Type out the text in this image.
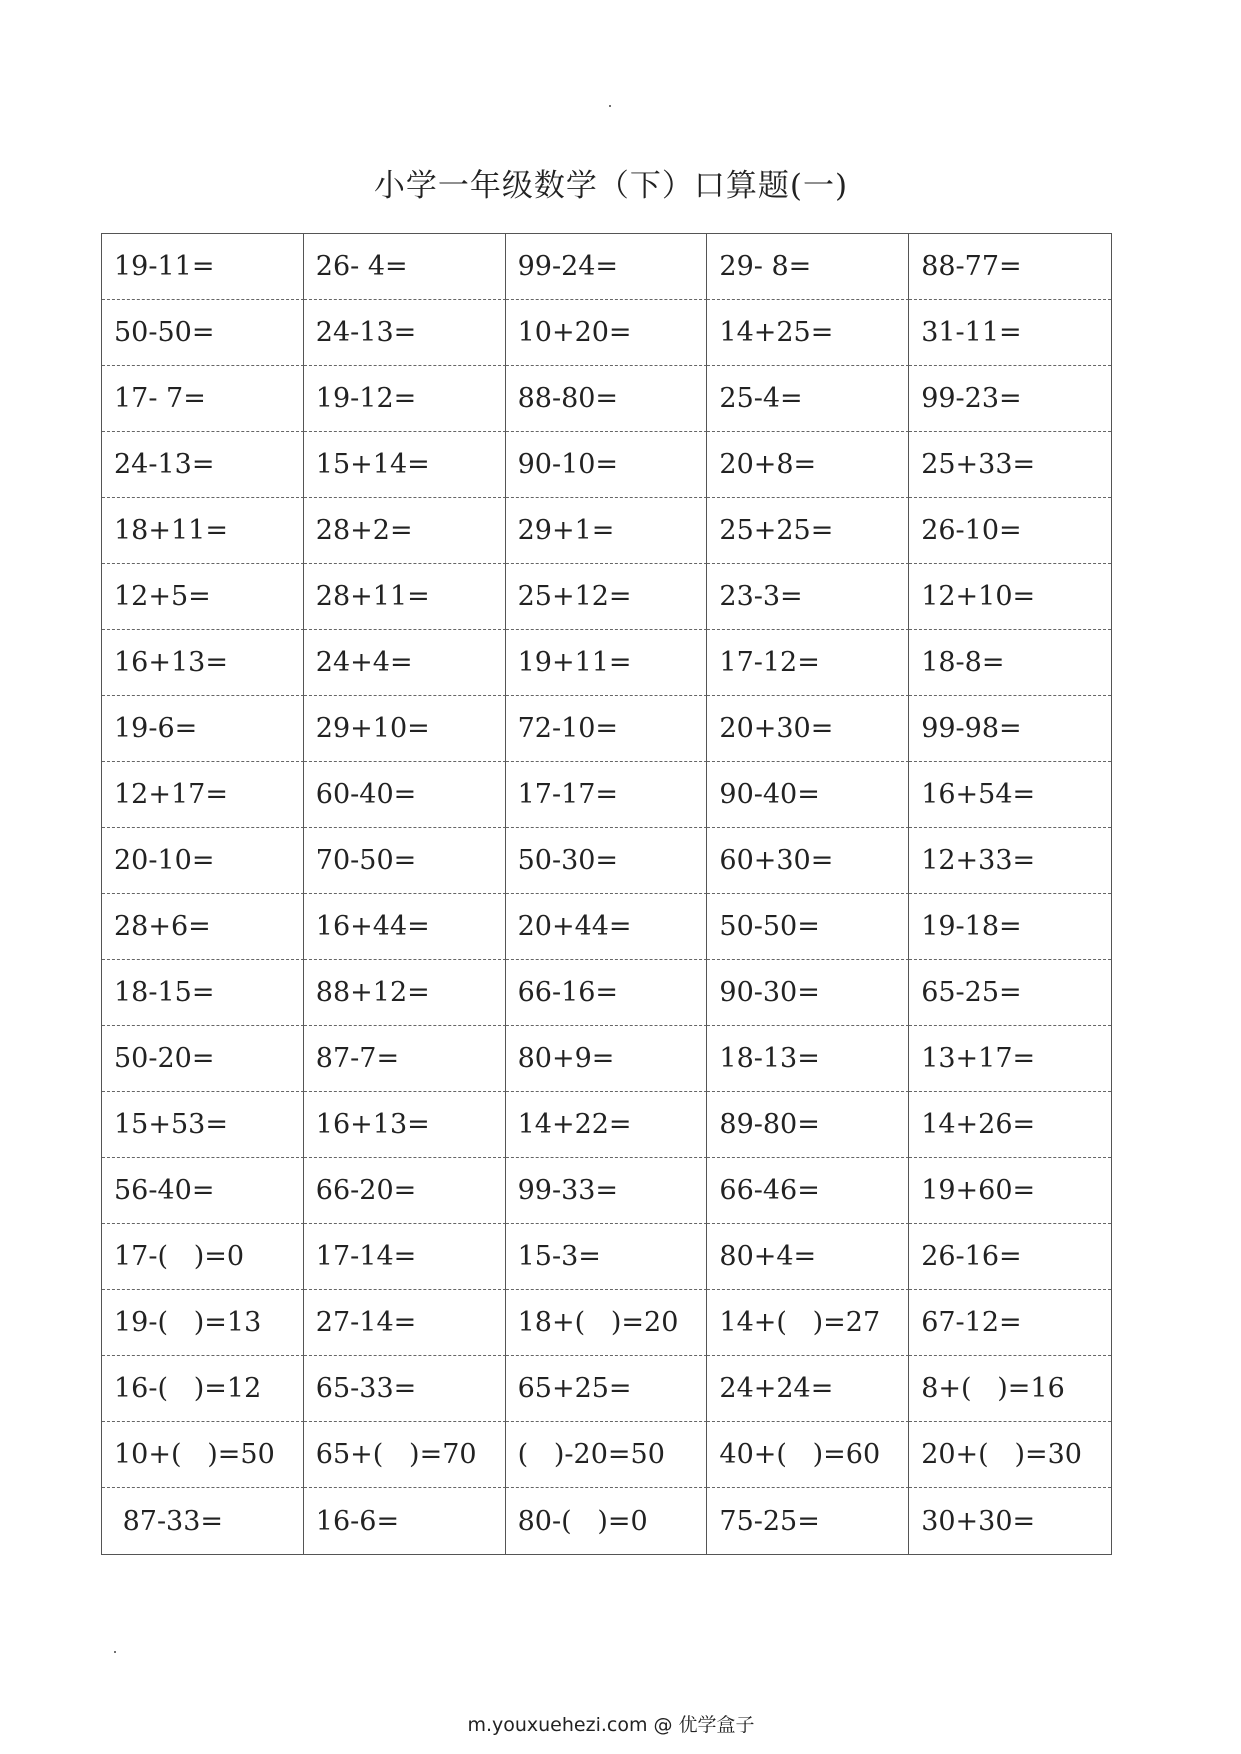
小学一年级数学（下）口算题(一)
19-11=	26- 4=	99-24=	29- 8=	88-77=
50-50=	24-13=	10+20=	14+25=	31-11=
17- 7=	19-12=	88-80=	25-4=	99-23=
24-13=	15+14=	90-10=	20+8=	25+33=
18+11=	28+2=	29+1=	25+25=	26-10=
12+5=	28+11=	25+12=	23-3=	12+10=
16+13=	24+4=	19+11=	17-12=	18-8=
19-6=	29+10=	72-10=	20+30=	99-98=
12+17=	60-40=	17-17=	90-40=	16+54=
20-10=	70-50=	50-30=	60+30=	12+33=
28+6=	16+44=	20+44=	50-50=	19-18=
18-15=	88+12=	66-16=	90-30=	65-25=
50-20=	87-7=	80+9=	18-13=	13+17=
15+53=	16+13=	14+22=	89-80=	14+26=
56-40=	66-20=	99-33=	66-46=	19+60=
17-(   )=0	17-14=	15-3=	80+4=	26-16=
19-(   )=13	27-14=	18+(   )=20	14+(   )=27	67-12=
16-(   )=12	65-33=	65+25=	24+24=	8+(   )=16
10+(   )=50	65+(   )=70	(   )-20=50	40+(   )=60	20+(   )=30
87-33=	16-6=	80-(   )=0	75-25=	30+30=
m.youxuehezi.com @ 优学盒子
